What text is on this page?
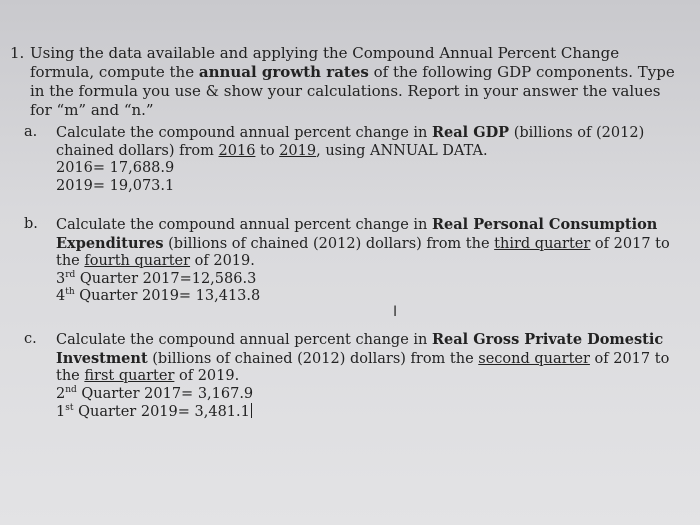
1. Using the data available and applying the Compound Annual Percent Change formula, compute the annual growth rates of the following GDP components. Type in the formula you use & show your calculations. Report in your answer the values for “m” and “n.”
a. Calculate the compound annual percent change in Real GDP (billions of (2012) chained dollars) from 2016 to 2019, using ANNUAL DATA.
2016= 17,688.9
2019= 19,073.1
b. Calculate the compound annual percent change in Real Personal Consumption Expenditures (billions of chained (2012) dollars) from the third quarter of 2017 to the fourth quarter of 2019.
3rd Quarter 2017=12,586.3
4th Quarter 2019= 13,413.8
I
c. Calculate the compound annual percent change in Real Gross Private Domestic Investment (billions of chained (2012) dollars) from the second quarter of 2017 to the first quarter of 2019.
2nd Quarter 2017= 3,167.9
1st Quarter 2019= 3,481.1
